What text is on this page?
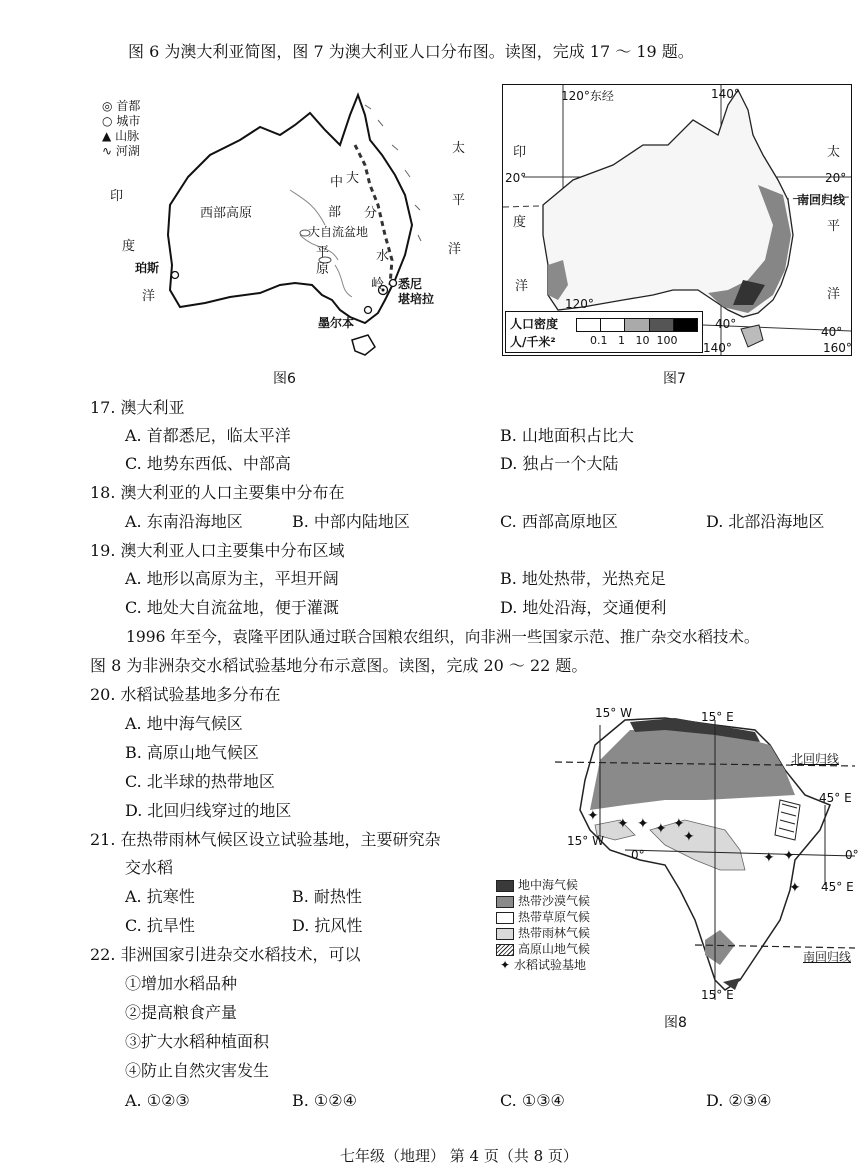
图 6 为澳大利亚简图，图 7 为澳大利亚人口分布图。读图，完成 17 ～ 19 题。
◎ 首都
○ 城市
▲ 山脉
∿ 河湖
印
度
洋
太
平
洋
西部高原
中
部
平
原
大
分
水
岭
大自流盆地
珀斯
悉尼
堪培拉
墨尔本
图6
120°东经	140°
20°	20°
南回归线
120°
40°
40°
140°	160°
印
度
洋
太
平
洋
人口密度
人/千米²	0.1   1   10  100
图7
17. 澳大利亚
A. 首都悉尼，临太平洋	B. 山地面积占比大
C. 地势东西低、中部高	D. 独占一个大陆
18. 澳大利亚的人口主要集中分布在
A. 东南沿海地区	B. 中部内陆地区	C. 西部高原地区	D. 北部沿海地区
19. 澳大利亚人口主要集中分布区域
A. 地形以高原为主，平坦开阔	B. 地处热带，光热充足
C. 地处大自流盆地，便于灌溉	D. 地处沿海，交通便利
1996 年至今，袁隆平团队通过联合国粮农组织，向非洲一些国家示范、推广杂交水稻技术。
图 8 为非洲杂交水稻试验基地分布示意图。读图，完成 20 ～ 22 题。
20. 水稻试验基地多分布在
A. 地中海气候区
B. 高原山地气候区
C. 北半球的热带地区
D. 北回归线穿过的地区
21. 在热带雨林气候区设立试验基地，主要研究杂
交水稻
A. 抗寒性	B. 耐热性
C. 抗旱性	D. 抗风性
22. 非洲国家引进杂交水稻技术，可以
①增加水稻品种
②提高粮食产量
③扩大水稻种植面积
④防止自然灾害发生
A. ①②③	B. ①②④	C. ①③④	D. ②③④
✦ ✦ ✦ ✦ ✦
✦
✦ ✦
✦
15° W	15° E
北回归线
45° E
15° W
0°	0°
45° E
南回归线
15° E
地中海气候
热带沙漠气候
热带草原气候
热带雨林气候
高原山地气候
✦ 水稻试验基地
图8
七年级（地理） 第 4 页（共 8 页）
